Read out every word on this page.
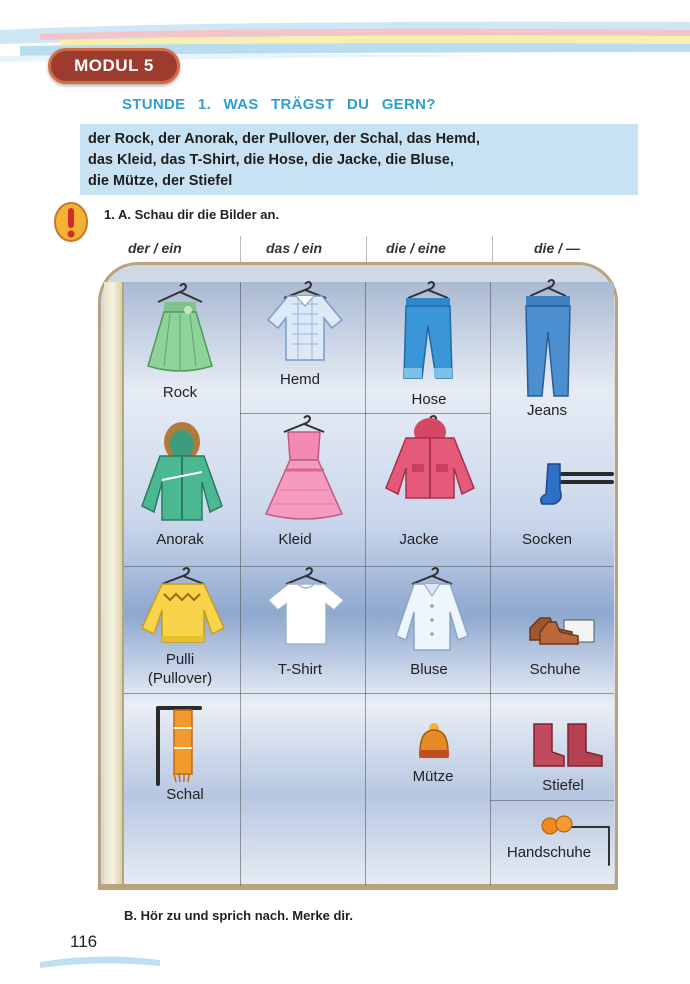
MODUL 5
STUNDE 1. WAS TRÄGST DU GERN?
der Rock, der Anorak, der Pullover, der Schal, das Hemd,
das Kleid, das T-Shirt, die Hose, die Jacke, die Bluse,
die Mütze, der Stiefel
1. A. Schau dir die Bilder an.
der / ein	das / ein	die / eine	die / —
Rock
Hemd
Hose
Jeans
Anorak	Kleid	Jacke	Socken
Pulli
(Pullover)
T-Shirt	Bluse	Schuhe
Schal
Mütze
Stiefel
Handschuhe
B. Hör zu und sprich nach. Merke dir.
116
